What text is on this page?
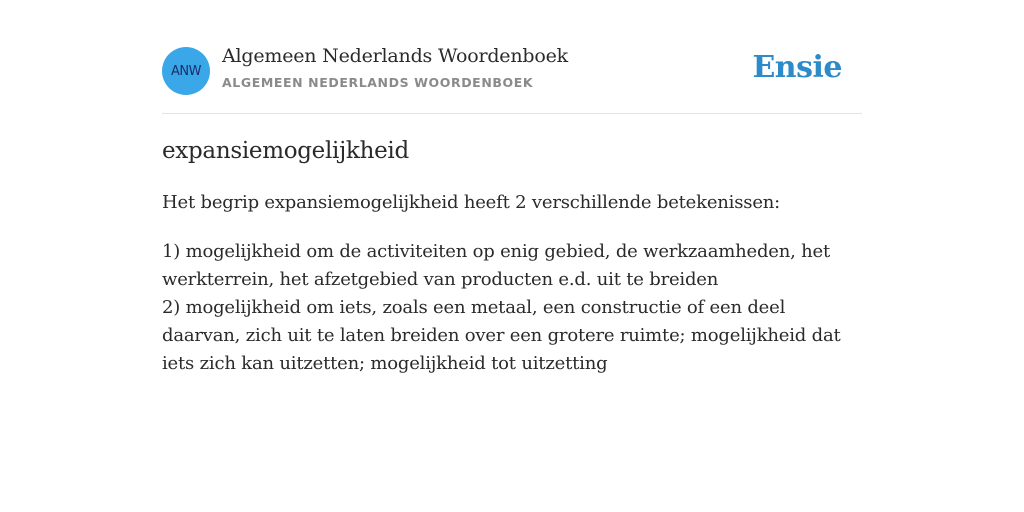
ANW
Algemeen Nederlands Woordenboek
ALGEMEEN NEDERLANDS WOORDENBOEK	Ensie
expansiemogelijkheid
Het begrip expansiemogelijkheid heeft 2 verschillende betekenissen:
1) mogelijkheid om de activiteiten op enig gebied, de werkzaamheden, het werkterrein, het afzetgebied van producten e.d. uit te breiden
2) mogelijkheid om iets, zoals een metaal, een constructie of een deel daarvan, zich uit te laten breiden over een grotere ruimte; mogelijkheid dat iets zich kan uitzetten; mogelijkheid tot uitzetting
